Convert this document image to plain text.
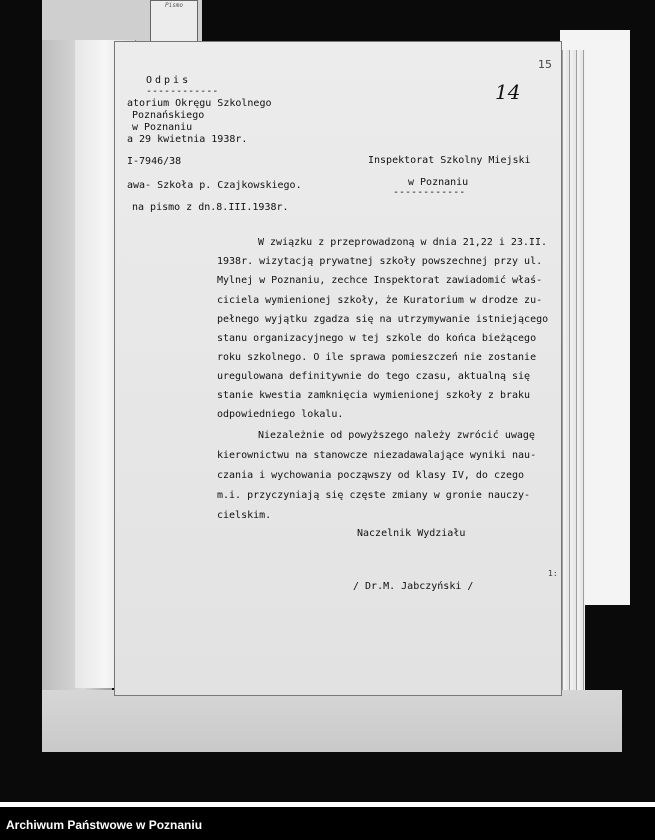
Pismo
Odpis
------------
atorium Okręgu Szkolnego
Poznańskiego
w Poznaniu
a 29 kwietnia 1938r.
I-7946/38
awa- Szkoła p. Czajkowskiego.
na pismo z dn.8.III.1938r.
Inspektorat Szkolny Miejski
w Poznaniu
------------
W związku z przeprowadzoną w dnia 21,22 i 23.II.
1938r. wizytacją prywatnej szkoły powszechnej przy ul.
Mylnej w Poznaniu, zechce Inspektorat zawiadomić właś-
ciciela wymienionej szkoły, że Kuratorium w drodze zu-
pełnego wyjątku zgadza się na utrzymywanie istniejącego
stanu organizacyjnego w tej szkole do końca bieżącego
roku szkolnego. O ile sprawa pomieszczeń nie zostanie
uregulowana definitywnie do tego czasu, aktualną się
stanie kwestia zamknięcia wymienionej szkoły z braku
odpowiedniego lokalu.
Niezależnie od powyższego należy zwrócić uwagę
kierownictwu na stanowcze niezadawalające wyniki nau-
czania i wychowania począwszy od klasy IV, do czego
m.i. przyczyniają się częste zmiany w gronie nauczy-
cielskim.
Naczelnik Wydziału
/ Dr.M. Jabczyński /
15
14
1:
Archiwum Państwowe w Poznaniu
